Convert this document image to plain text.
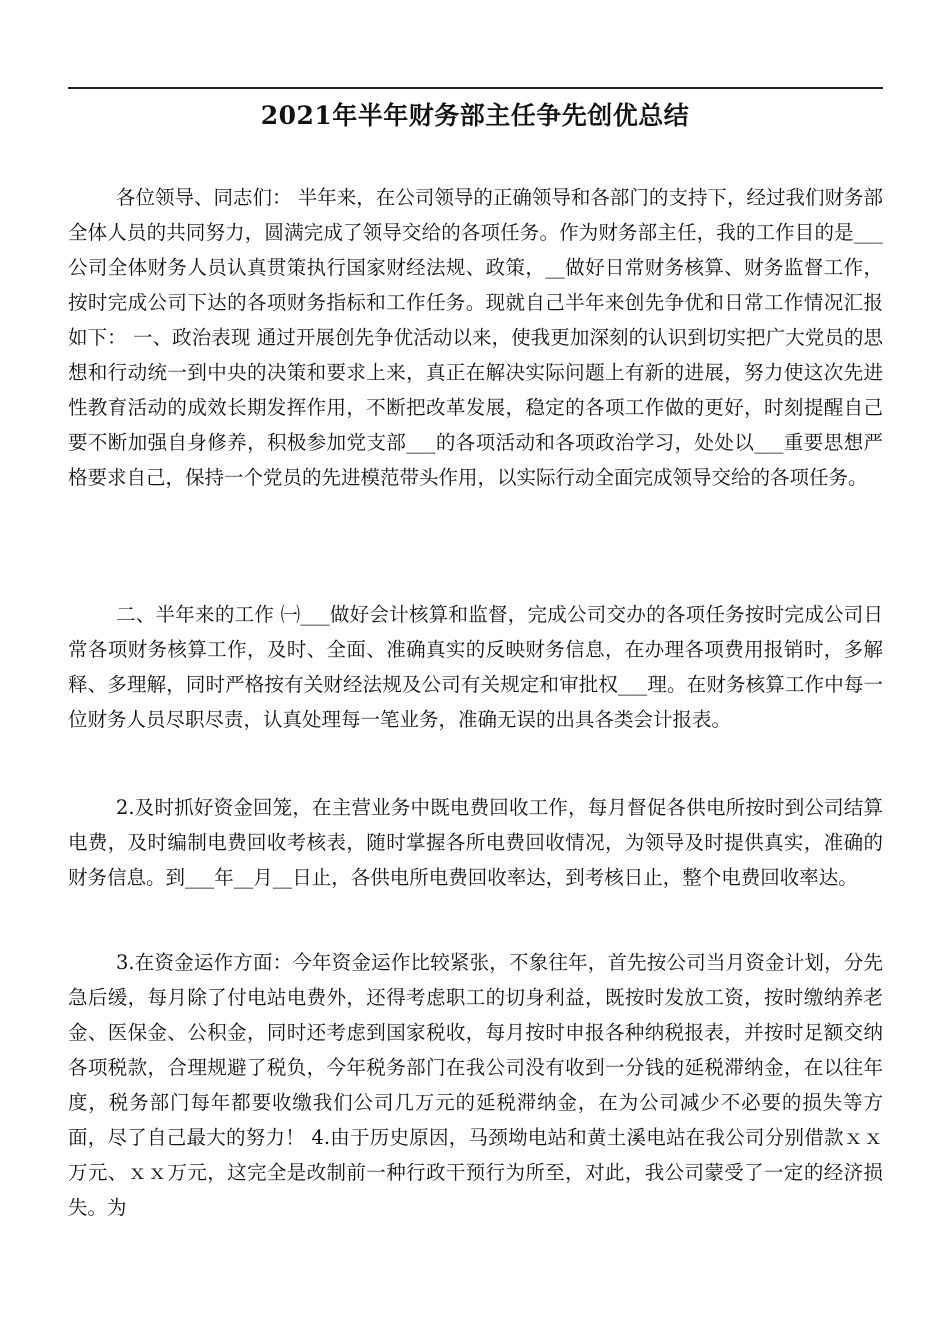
2021年半年财务部主任争先创优总结
各位领导、同志们： 半年来，在公司领导的正确领导和各部门的支持下，经过我们财务部全体人员的共同努力，圆满完成了领导交给的各项任务。作为财务部主任，我的工作目的是___公司全体财务人员认真贯策执行国家财经法规、政策，__做好日常财务核算、财务监督工作，按时完成公司下达的各项财务指标和工作任务。现就自己半年来创先争优和日常工作情况汇报如下： 一、政治表现 通过开展创先争优活动以来，使我更加深刻的认识到切实把广大党员的思想和行动统一到中央的决策和要求上来，真正在解决实际问题上有新的进展，努力使这次先进性教育活动的成效长期发挥作用，不断把改革发展，稳定的各项工作做的更好，时刻提醒自己要不断加强自身修养，积极参加党支部___的各项活动和各项政治学习，处处以___重要思想严格要求自己，保持一个党员的先进模范带头作用，以实际行动全面完成领导交给的各项任务。
二、半年来的工作 ㈠___做好会计核算和监督，完成公司交办的各项任务按时完成公司日常各项财务核算工作，及时、全面、准确真实的反映财务信息，在办理各项费用报销时，多解释、多理解，同时严格按有关财经法规及公司有关规定和审批权___理。在财务核算工作中每一位财务人员尽职尽责，认真处理每一笔业务，准确无误的出具各类会计报表。
2.及时抓好资金回笼，在主营业务中既电费回收工作，每月督促各供电所按时到公司结算电费，及时编制电费回收考核表，随时掌握各所电费回收情况，为领导及时提供真实，准确的财务信息。到___年__月__日止，各供电所电费回收率达，到考核日止，整个电费回收率达。
3.在资金运作方面：今年资金运作比较紧张，不象往年，首先按公司当月资金计划，分先急后缓，每月除了付电站电费外，还得考虑职工的切身利益，既按时发放工资，按时缴纳养老金、医保金、公积金，同时还考虑到国家税收，每月按时申报各种纳税报表，并按时足额交纳各项税款，合理规避了税负，今年税务部门在我公司没有收到一分钱的延税滞纳金，在以往年度，税务部门每年都要收缴我们公司几万元的延税滞纳金，在为公司减少不必要的损失等方面，尽了自己最大的努力！ 4.由于历史原因，马颈坳电站和黄土溪电站在我公司分别借款ｘｘ万元、ｘｘ万元，这完全是改制前一种行政干预行为所至，对此，我公司蒙受了一定的经济损失。为
